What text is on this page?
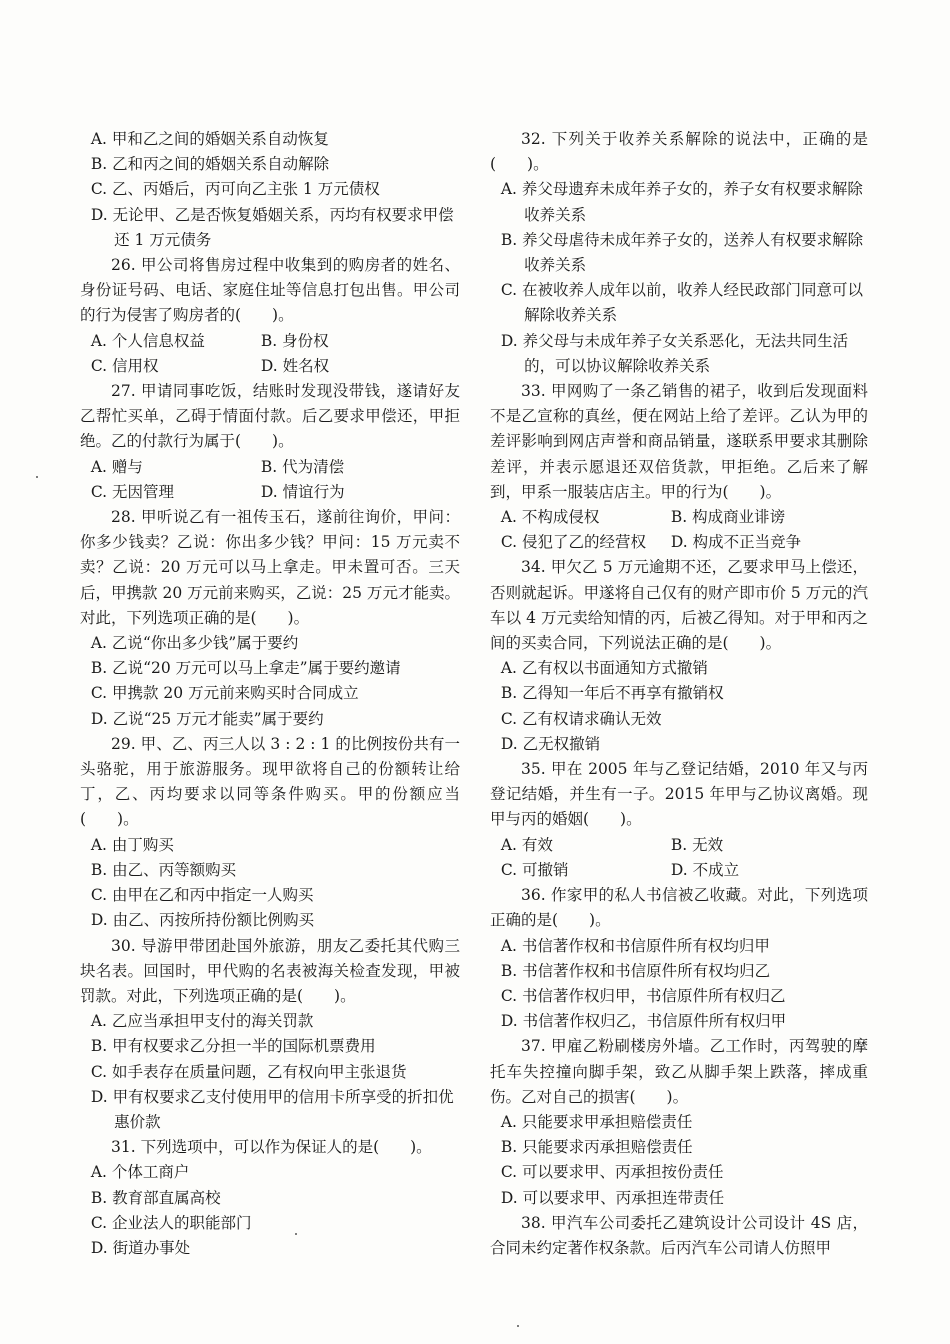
A. 甲和乙之间的婚姻关系自动恢复

B. 乙和丙之间的婚姻关系自动解除

C. 乙、丙婚后，丙可向乙主张 1 万元债权

D. 无论甲、乙是否恢复婚姻关系，丙均有权要求甲偿还 1 万元债务

26. 甲公司将售房过程中收集到的购房者的姓名、身份证号码、电话、家庭住址等信息打包出售。甲公司的行为侵害了购房者的(　　)。

A. 个人信息权益	B. 身份权
C. 信用权	D. 姓名权

27. 甲请同事吃饭，结账时发现没带钱，遂请好友乙帮忙买单，乙碍于情面付款。后乙要求甲偿还，甲拒绝。乙的付款行为属于(　　)。

A. 赠与	B. 代为清偿
C. 无因管理	D. 情谊行为

28. 甲听说乙有一祖传玉石，遂前往询价，甲问：你多少钱卖？乙说：你出多少钱？甲问：15 万元卖不卖？乙说：20 万元可以马上拿走。甲未置可否。三天后，甲携款 20 万元前来购买，乙说：25 万元才能卖。对此，下列选项正确的是(　　)。

A. 乙说“你出多少钱”属于要约

B. 乙说“20 万元可以马上拿走”属于要约邀请

C. 甲携款 20 万元前来购买时合同成立

D. 乙说“25 万元才能卖”属于要约

29. 甲、乙、丙三人以 3 : 2 : 1 的比例按份共有一头骆驼，用于旅游服务。现甲欲将自己的份额转让给丁，乙、丙均要求以同等条件购买。甲的份额应当(　　)。

A. 由丁购买

B. 由乙、丙等额购买

C. 由甲在乙和丙中指定一人购买

D. 由乙、丙按所持份额比例购买

30. 导游甲带团赴国外旅游，朋友乙委托其代购三块名表。回国时，甲代购的名表被海关检查发现，甲被罚款。对此，下列选项正确的是(　　)。

A. 乙应当承担甲支付的海关罚款

B. 甲有权要求乙分担一半的国际机票费用

C. 如手表存在质量问题，乙有权向甲主张退货

D. 甲有权要求乙支付使用甲的信用卡所享受的折扣优惠价款

31. 下列选项中，可以作为保证人的是(　　)。

A. 个体工商户

B. 教育部直属高校

C. 企业法人的职能部门

D. 街道办事处

32. 下列关于收养关系解除的说法中，正确的是(　　)。

A. 养父母遗弃未成年养子女的，养子女有权要求解除收养关系

B. 养父母虐待未成年养子女的，送养人有权要求解除收养关系

C. 在被收养人成年以前，收养人经民政部门同意可以解除收养关系

D. 养父母与未成年养子女关系恶化，无法共同生活的，可以协议解除收养关系

33. 甲网购了一条乙销售的裙子，收到后发现面料不是乙宣称的真丝，便在网站上给了差评。乙认为甲的差评影响到网店声誉和商品销量，遂联系甲要求其删除差评，并表示愿退还双倍货款，甲拒绝。乙后来了解到，甲系一服装店店主。甲的行为(　　)。

A. 不构成侵权	B. 构成商业诽谤
C. 侵犯了乙的经营权	D. 构成不正当竞争

34. 甲欠乙 5 万元逾期不还，乙要求甲马上偿还，否则就起诉。甲遂将自己仅有的财产即市价 5 万元的汽车以 4 万元卖给知情的丙，后被乙得知。对于甲和丙之间的买卖合同，下列说法正确的是(　　)。

A. 乙有权以书面通知方式撤销

B. 乙得知一年后不再享有撤销权

C. 乙有权请求确认无效

D. 乙无权撤销

35. 甲在 2005 年与乙登记结婚，2010 年又与丙登记结婚，并生有一子。2015 年甲与乙协议离婚。现甲与丙的婚姻(　　)。

A. 有效	B. 无效
C. 可撤销	D. 不成立

36. 作家甲的私人书信被乙收藏。对此，下列选项正确的是(　　)。

A. 书信著作权和书信原件所有权均归甲

B. 书信著作权和书信原件所有权均归乙

C. 书信著作权归甲，书信原件所有权归乙

D. 书信著作权归乙，书信原件所有权归甲

37. 甲雇乙粉刷楼房外墙。乙工作时，丙驾驶的摩托车失控撞向脚手架，致乙从脚手架上跌落，摔成重伤。乙对自己的损害(　　)。

A. 只能要求甲承担赔偿责任

B. 只能要求丙承担赔偿责任

C. 可以要求甲、丙承担按份责任

D. 可以要求甲、丙承担连带责任

38. 甲汽车公司委托乙建筑设计公司设计 4S 店，合同未约定著作权条款。后丙汽车公司请人仿照甲
